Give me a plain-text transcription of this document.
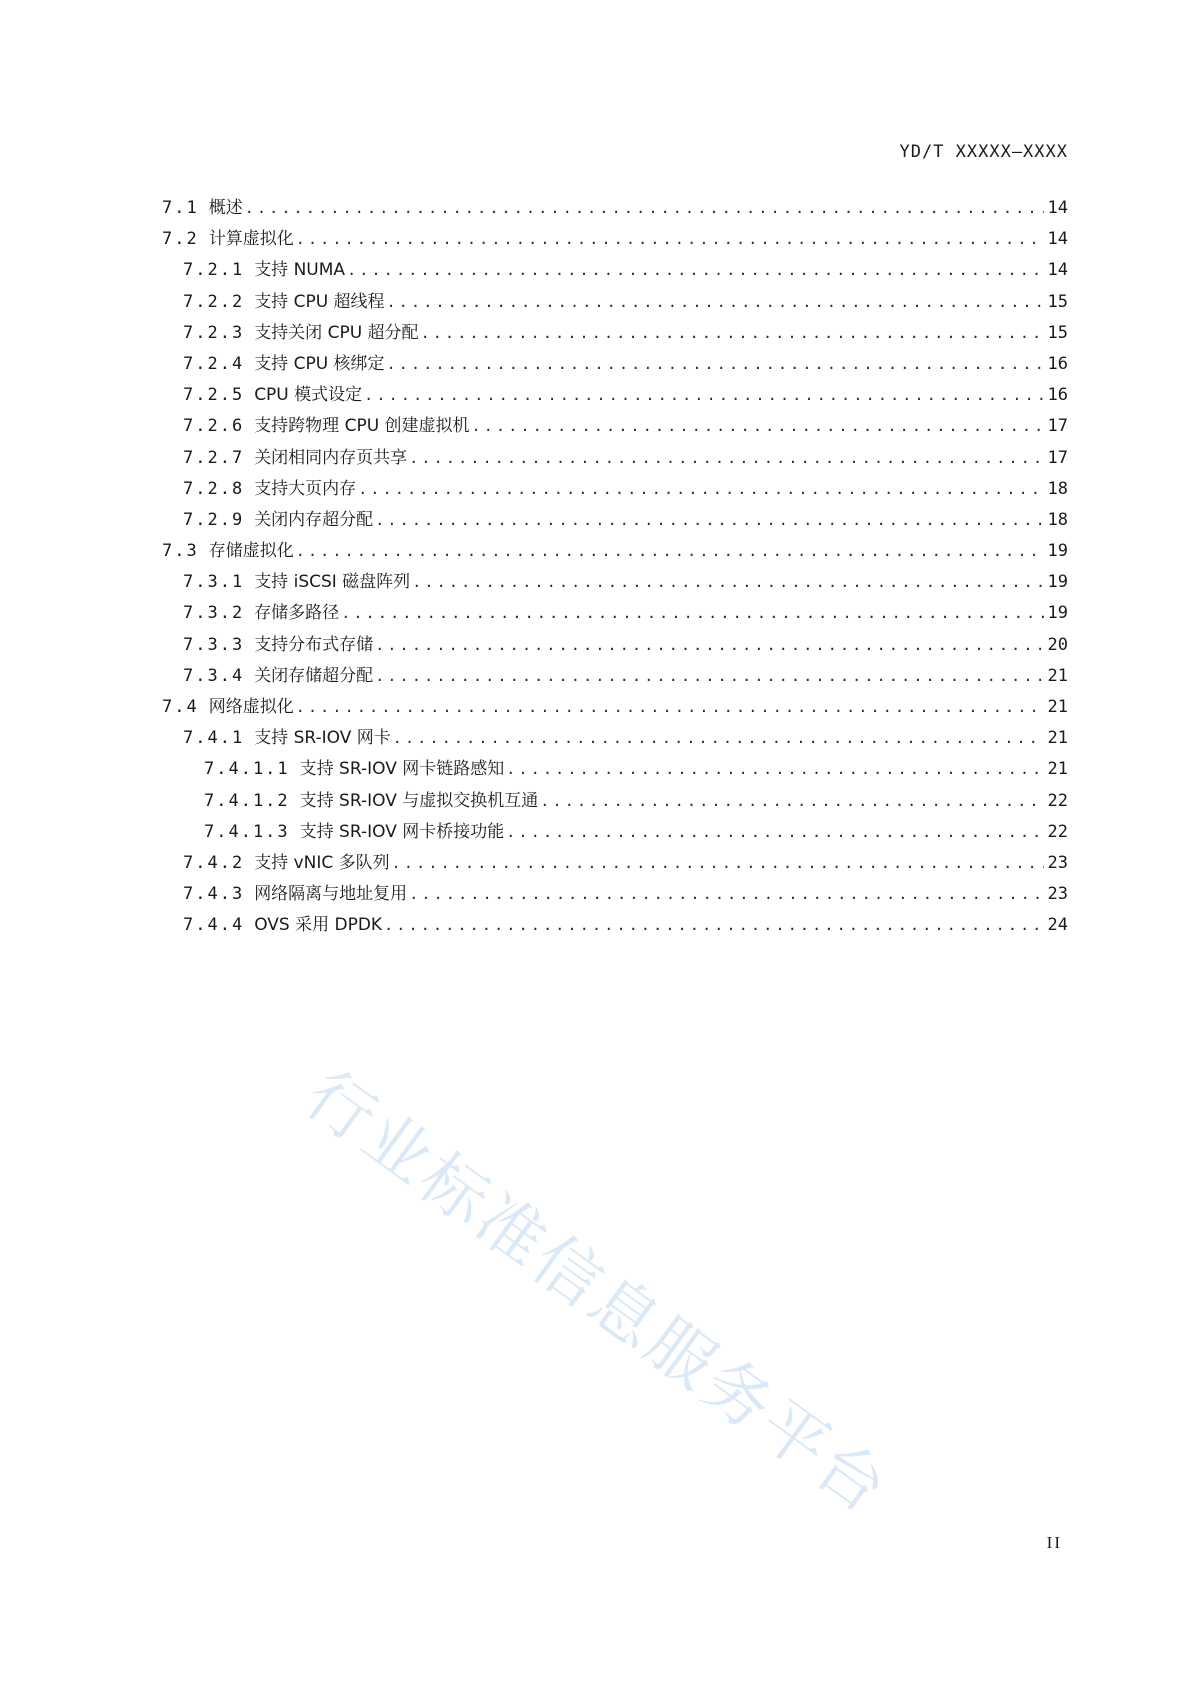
YD/T XXXXX—XXXX
7.1 概述 .....	14
7.2 计算虚拟化 .....	14
7.2.1 支持 NUMA .....	14
7.2.2 支持 CPU 超线程 .....	15
7.2.3 支持关闭 CPU 超分配 .....	15
7.2.4 支持 CPU 核绑定 .....	16
7.2.5 CPU 模式设定 .....	16
7.2.6 支持跨物理 CPU 创建虚拟机 .....	17
7.2.7 关闭相同内存页共享 .....	17
7.2.8 支持大页内存 .....	18
7.2.9 关闭内存超分配 .....	18
7.3 存储虚拟化 .....	19
7.3.1 支持 iSCSI 磁盘阵列 .....	19
7.3.2 存储多路径 .....	19
7.3.3 支持分布式存储 .....	20
7.3.4 关闭存储超分配 .....	21
7.4 网络虚拟化 .....	21
7.4.1 支持 SR-IOV 网卡 .....	21
7.4.1.1 支持 SR-IOV 网卡链路感知 .....	21
7.4.1.2 支持 SR-IOV 与虚拟交换机互通 .....	22
7.4.1.3 支持 SR-IOV 网卡桥接功能 .....	22
7.4.2 支持 vNIC 多队列 .....	23
7.4.3 网络隔离与地址复用 .....	23
7.4.4 OVS 采用 DPDK .....	24
行业标准信息服务平台
II
